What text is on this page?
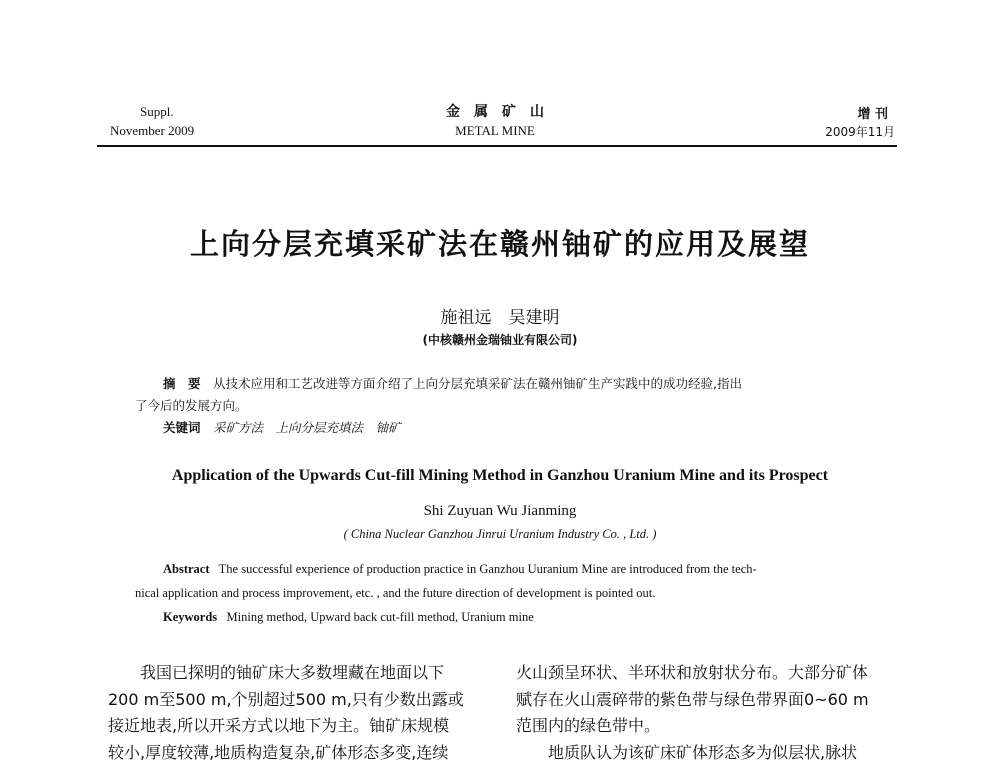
Suppl.
November 2009
金　属　矿　山
METAL MINE
增 刊
2009年11月
上向分层充填采矿法在赣州铀矿的应用及展望
施祖远　吴建明
(中核赣州金瑞铀业有限公司)
摘　要　 从技术应用和工艺改进等方面介绍了上向分层充填采矿法在赣州铀矿生产实践中的成功经验,指出
了今后的发展方向。
关键词　 采矿方法　上向分层充填法　铀矿
Application of the Upwards Cut-fill Mining Method in Ganzhou Uranium Mine and its Prospect
Shi Zuyuan Wu Jianming
( China Nuclear Ganzhou Jinrui Uranium Industry Co. , Ltd. )
Abstract The successful experience of production practice in Ganzhou Uuranium Mine are introduced from the tech-
nical application and process improvement, etc. , and the future direction of development is pointed out.
Keywords Mining method, Upward back cut-fill method, Uranium mine
　　我国已探明的铀矿床大多数埋藏在地面以下
200 m至500 m,个别超过500 m,只有少数出露或
接近地表,所以开采方式以地下为主。铀矿床规模
较小,厚度较薄,地质构造复杂,矿体形态多变,连续
火山颈呈环状、半环状和放射状分布。大部分矿体
赋存在火山震碎带的紫色带与绿色带界面0~60 m
范围内的绿色带中。
　　地质队认为该矿床矿体形态多为似层状,脉状
